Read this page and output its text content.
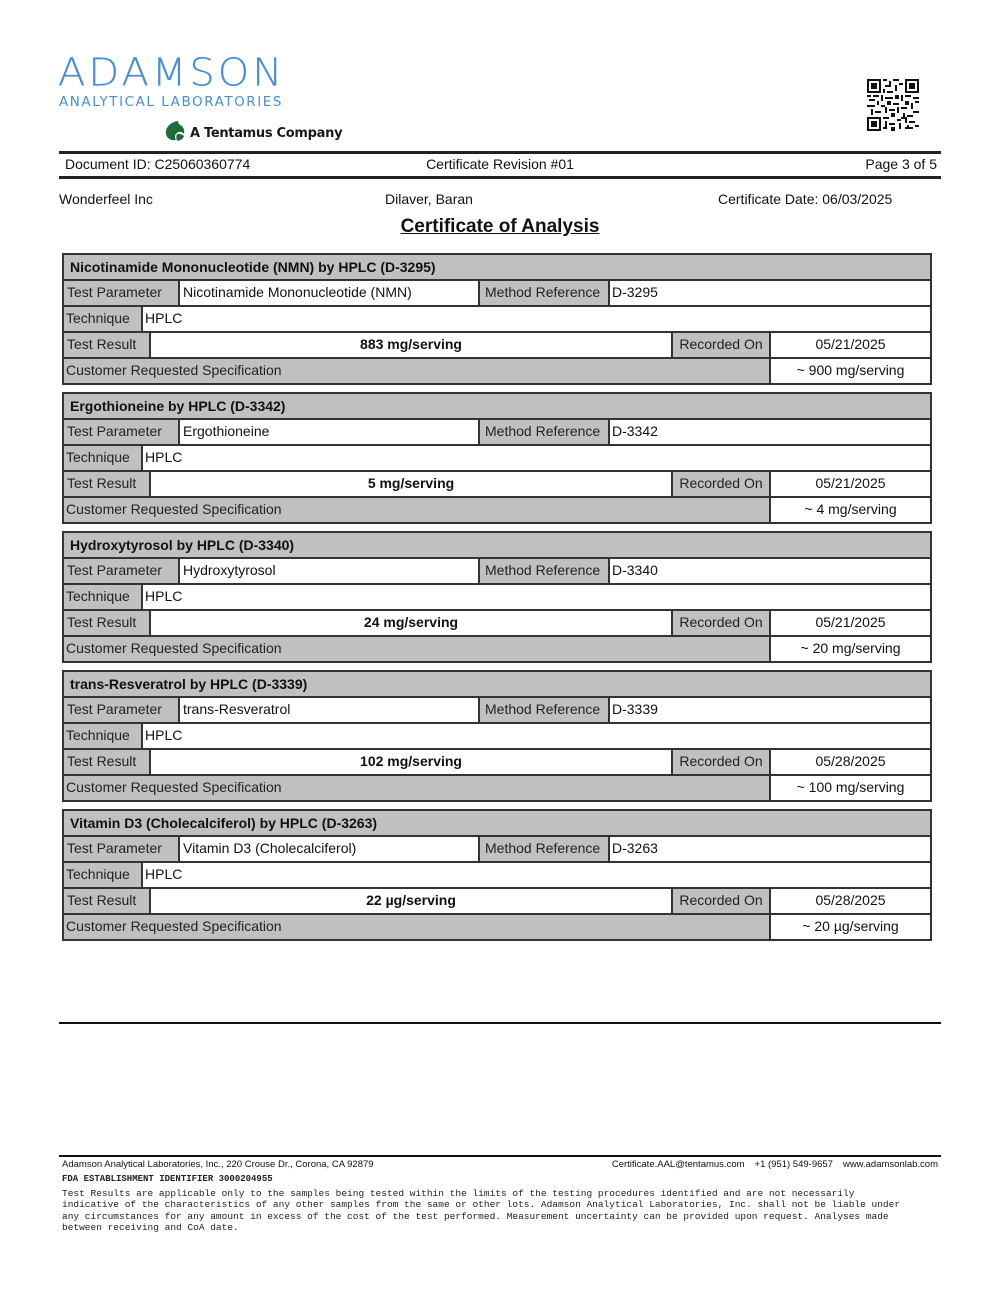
ADAMSON
ANALYTICAL LABORATORIES
A Tentamus Company
Document ID: C25060360774	Certificate Revision #01	Page 3 of 5
Wonderfeel Inc	Dilaver, Baran	Certificate Date: 06/03/2025
Certificate of Analysis
Nicotinamide Mononucleotide (NMN) by HPLC (D-3295)
Test Parameter	Nicotinamide Mononucleotide (NMN)	Method Reference D-3295
Technique	HPLC
Test Result	883 mg/serving	Recorded On	05/21/2025
Customer Requested Specification	~ 900 mg/serving
Ergothioneine by HPLC (D-3342)
Test Parameter	Ergothioneine	Method Reference D-3342
Technique	HPLC
Test Result	5 mg/serving	Recorded On	05/21/2025
Customer Requested Specification	~ 4 mg/serving
Hydroxytyrosol by HPLC (D-3340)
Test Parameter	Hydroxytyrosol	Method Reference D-3340
Technique	HPLC
Test Result	24 mg/serving	Recorded On	05/21/2025
Customer Requested Specification	~ 20 mg/serving
trans-Resveratrol by HPLC (D-3339)
Test Parameter	trans-Resveratrol	Method Reference D-3339
Technique	HPLC
Test Result	102 mg/serving	Recorded On	05/28/2025
Customer Requested Specification	~ 100 mg/serving
Vitamin D3 (Cholecalciferol) by HPLC (D-3263)
Test Parameter	Vitamin D3 (Cholecalciferol)	Method Reference D-3263
Technique	HPLC
Test Result	22 µg/serving	Recorded On	05/28/2025
Customer Requested Specification	~ 20 µg/serving
Adamson Analytical Laboratories, Inc., 220 Crouse Dr., Corona, CA 92879	Certificate.AAL@tentamus.com +1 (951) 549-9657 www.adamsonlab.com
FDA ESTABLISHMENT IDENTIFIER 3000204955
Test Results are applicable only to the samples being tested within the limits of the testing procedures identified and are not necessarily
indicative of the characteristics of any other samples from the same or other lots. Adamson Analytical Laboratories, Inc. shall not be liable under
any circumstances for any amount in excess of the cost of the test performed. Measurement uncertainty can be provided upon request. Analyses made
between receiving and CoA date.
